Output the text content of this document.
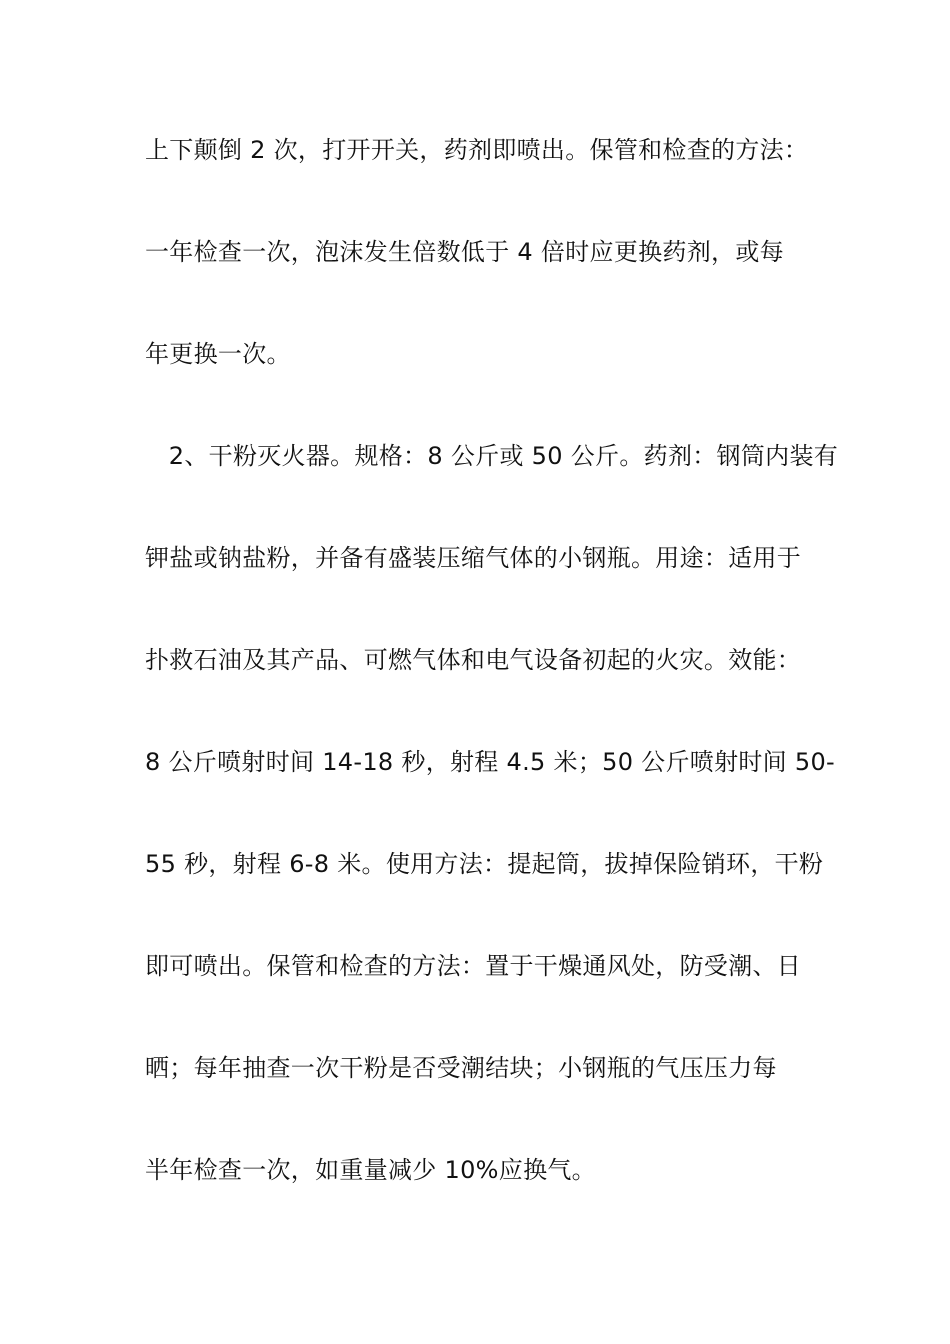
上下颠倒 2 次，打开开关，药剂即喷出。保管和检查的方法：
一年检查一次，泡沫发生倍数低于 4 倍时应更换药剂，或每
年更换一次。
2、干粉灭火器。规格：8 公斤或 50 公斤。药剂：钢筒内装有
钾盐或钠盐粉，并备有盛装压缩气体的小钢瓶。用途：适用于
扑救石油及其产品、可燃气体和电气设备初起的火灾。效能：
8 公斤喷射时间 14-18 秒，射程 4.5 米；50 公斤喷射时间 50-
55 秒，射程 6-8 米。使用方法：提起筒，拔掉保险销环，干粉
即可喷出。保管和检查的方法：置于干燥通风处，防受潮、日
晒；每年抽查一次干粉是否受潮结块；小钢瓶的气压压力每
半年检查一次，如重量减少 10%应换气。
